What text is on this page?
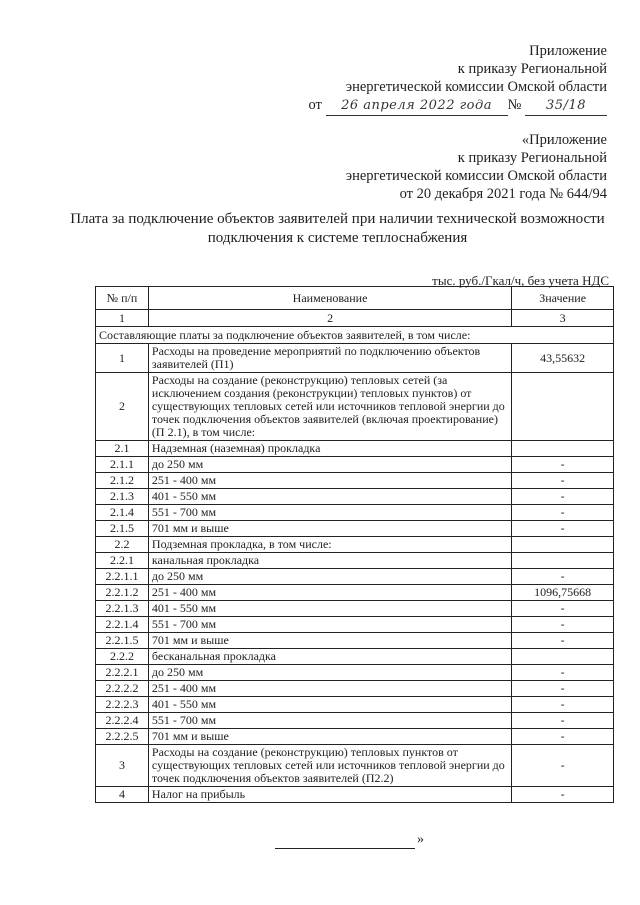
Приложение
к приказу Региональной
энергетической комиссии Омской области
от 26 апреля 2022 года № 35/18
«Приложение
к приказу Региональной
энергетической комиссии Омской области
от 20 декабря 2021 года № 644/94
Плата за подключение объектов заявителей при наличии технической возможности подключения к системе теплоснабжения
тыс. руб./Гкал/ч, без учета НДС
№ п/п	Наименование	Значение
1	2	3
Составляющие платы за подключение объектов заявителей, в том числе:		
1	Расходы на проведение мероприятий по подключению объектов заявителей (П1)	43,55632
2	Расходы на создание (реконструкцию) тепловых сетей (за исключением создания (реконструкции) тепловых пунктов) от существующих тепловых сетей или источников тепловой энергии до точек подключения объектов заявителей (включая проектирование) (П 2.1), в том числе:	
2.1	Надземная (наземная) прокладка	
2.1.1	до 250 мм	-
2.1.2	251 - 400 мм	-
2.1.3	401 - 550 мм	-
2.1.4	551 - 700 мм	-
2.1.5	701 мм и выше	-
2.2	Подземная прокладка, в том числе:	
2.2.1	канальная прокладка	
2.2.1.1	до 250 мм	-
2.2.1.2	251 - 400 мм	1096,75668
2.2.1.3	401 - 550 мм	-
2.2.1.4	551 - 700 мм	-
2.2.1.5	701 мм и выше	-
2.2.2	бесканальная прокладка	
2.2.2.1	до 250 мм	-
2.2.2.2	251 - 400 мм	-
2.2.2.3	401 - 550 мм	-
2.2.2.4	551 - 700 мм	-
2.2.2.5	701 мм и выше	-
3	Расходы на создание (реконструкцию) тепловых пунктов от существующих тепловых сетей или источников тепловой энергии до точек подключения объектов заявителей (П2.2)	-
4	Налог на прибыль	-
»
